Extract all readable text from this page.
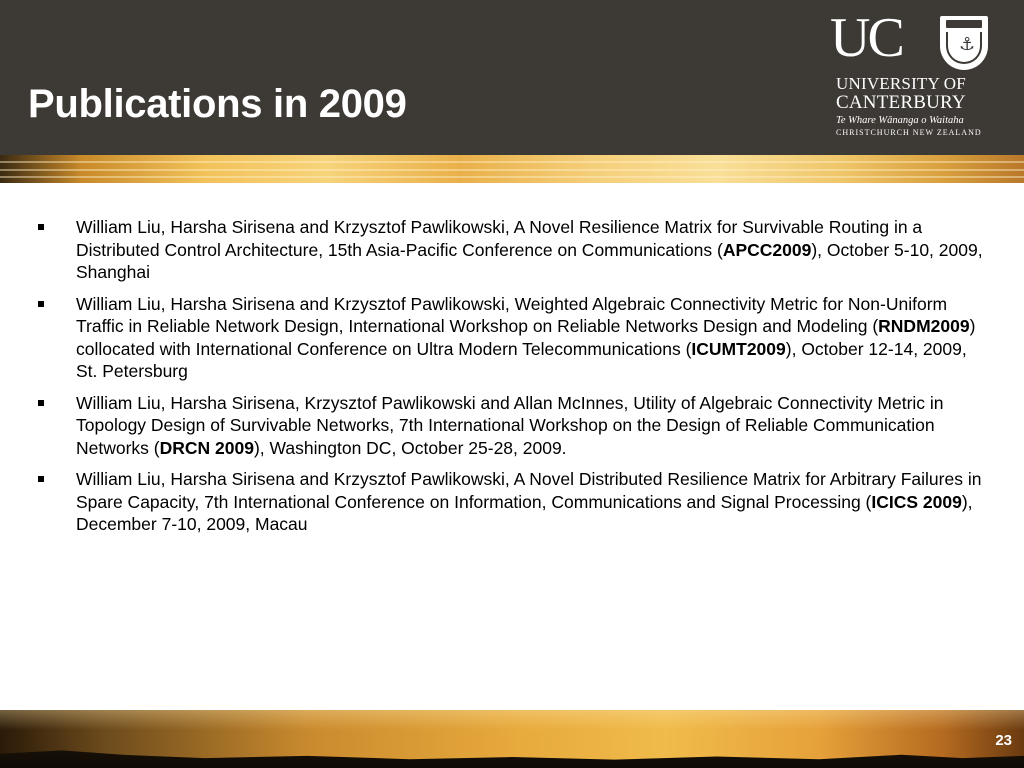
Publications in 2009
UC	⚓
UNIVERSITY OF
CANTERBURY
Te Whare Wānanga o Waitaha
CHRISTCHURCH NEW ZEALAND
William Liu, Harsha Sirisena and Krzysztof Pawlikowski, A Novel Resilience Matrix for Survivable Routing in a Distributed Control Architecture, 15th Asia-Pacific Conference on Communications (APCC2009), October 5-10, 2009, Shanghai
William Liu, Harsha Sirisena and Krzysztof Pawlikowski, Weighted Algebraic Connectivity Metric for Non-Uniform Traffic in Reliable Network Design, International Workshop on Reliable Networks Design and Modeling (RNDM2009) collocated with International Conference on Ultra Modern Telecommunications (ICUMT2009), October 12-14, 2009, St. Petersburg
William Liu, Harsha Sirisena, Krzysztof Pawlikowski and Allan McInnes, Utility of Algebraic Connectivity Metric in Topology Design of Survivable Networks, 7th International Workshop on the Design of Reliable Communication Networks (DRCN 2009), Washington DC, October 25-28, 2009.
William Liu, Harsha Sirisena and Krzysztof Pawlikowski, A Novel Distributed Resilience Matrix for Arbitrary Failures in Spare Capacity, 7th International Conference on Information, Communications and Signal Processing (ICICS 2009), December 7-10, 2009, Macau
23
